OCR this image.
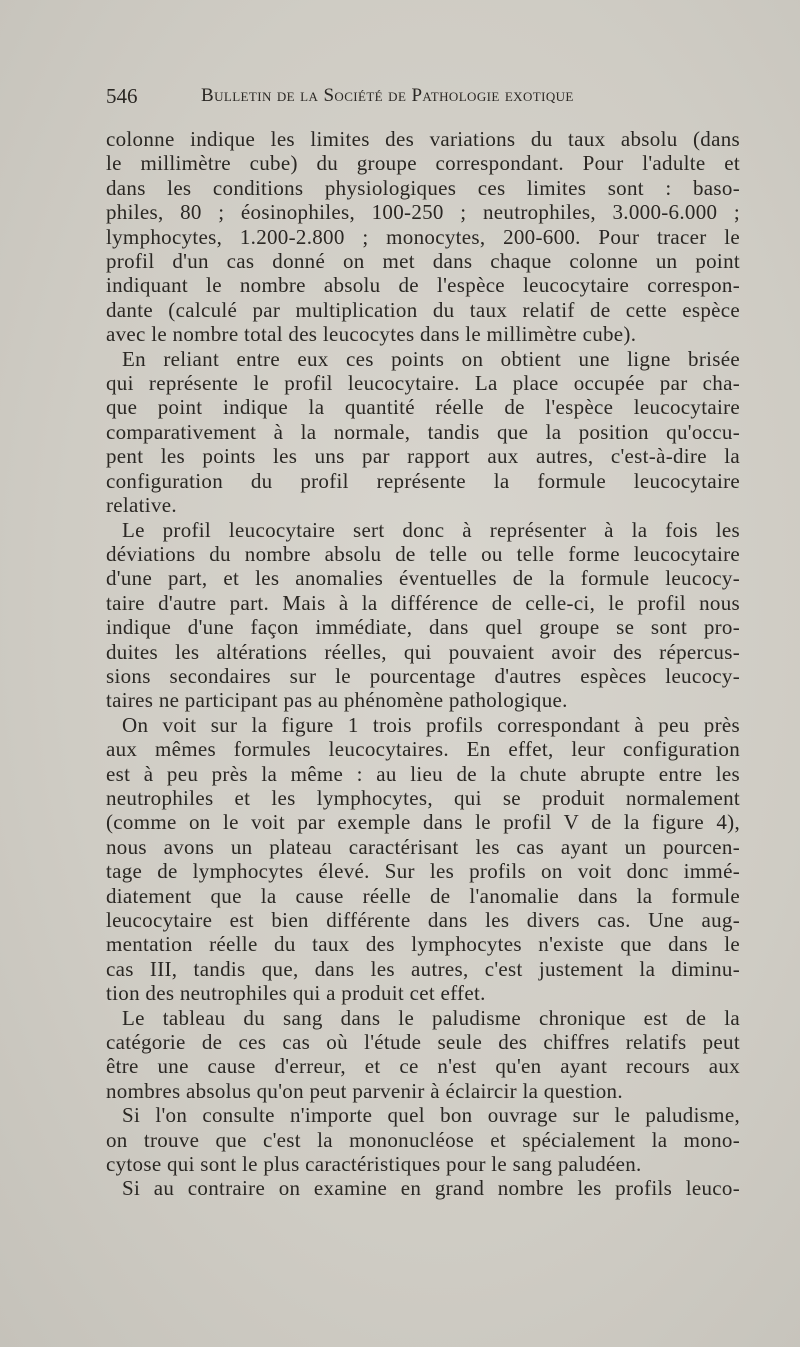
546	Bulletin de la Société de Pathologie exotique
colonne indique les limites des variations du taux absolu (dans
le millimètre cube) du groupe correspondant. Pour l'adulte et
dans les conditions physiologiques ces limites sont : baso-
philes, 80 ; éosinophiles, 100-250 ; neutrophiles, 3.000-6.000 ;
lymphocytes, 1.200-2.800 ; monocytes, 200-600. Pour tracer le
profil d'un cas donné on met dans chaque colonne un point
indiquant le nombre absolu de l'espèce leucocytaire correspon-
dante (calculé par multiplication du taux relatif de cette espèce
avec le nombre total des leucocytes dans le millimètre cube).
En reliant entre eux ces points on obtient une ligne brisée
qui représente le profil leucocytaire. La place occupée par cha-
que point indique la quantité réelle de l'espèce leucocytaire
comparativement à la normale, tandis que la position qu'occu-
pent les points les uns par rapport aux autres, c'est-à-dire la
configuration du profil représente la formule leucocytaire
relative.
Le profil leucocytaire sert donc à représenter à la fois les
déviations du nombre absolu de telle ou telle forme leucocytaire
d'une part, et les anomalies éventuelles de la formule leucocy-
taire d'autre part. Mais à la différence de celle-ci, le profil nous
indique d'une façon immédiate, dans quel groupe se sont pro-
duites les altérations réelles, qui pouvaient avoir des répercus-
sions secondaires sur le pourcentage d'autres espèces leucocy-
taires ne participant pas au phénomène pathologique.
On voit sur la figure 1 trois profils correspondant à peu près
aux mêmes formules leucocytaires. En effet, leur configuration
est à peu près la même : au lieu de la chute abrupte entre les
neutrophiles et les lymphocytes, qui se produit normalement
(comme on le voit par exemple dans le profil V de la figure 4),
nous avons un plateau caractérisant les cas ayant un pourcen-
tage de lymphocytes élevé. Sur les profils on voit donc immé-
diatement que la cause réelle de l'anomalie dans la formule
leucocytaire est bien différente dans les divers cas. Une aug-
mentation réelle du taux des lymphocytes n'existe que dans le
cas III, tandis que, dans les autres, c'est justement la diminu-
tion des neutrophiles qui a produit cet effet.
Le tableau du sang dans le paludisme chronique est de la
catégorie de ces cas où l'étude seule des chiffres relatifs peut
être une cause d'erreur, et ce n'est qu'en ayant recours aux
nombres absolus qu'on peut parvenir à éclaircir la question.
Si l'on consulte n'importe quel bon ouvrage sur le paludisme,
on trouve que c'est la mononucléose et spécialement la mono-
cytose qui sont le plus caractéristiques pour le sang paludéen.
Si au contraire on examine en grand nombre les profils leuco-
